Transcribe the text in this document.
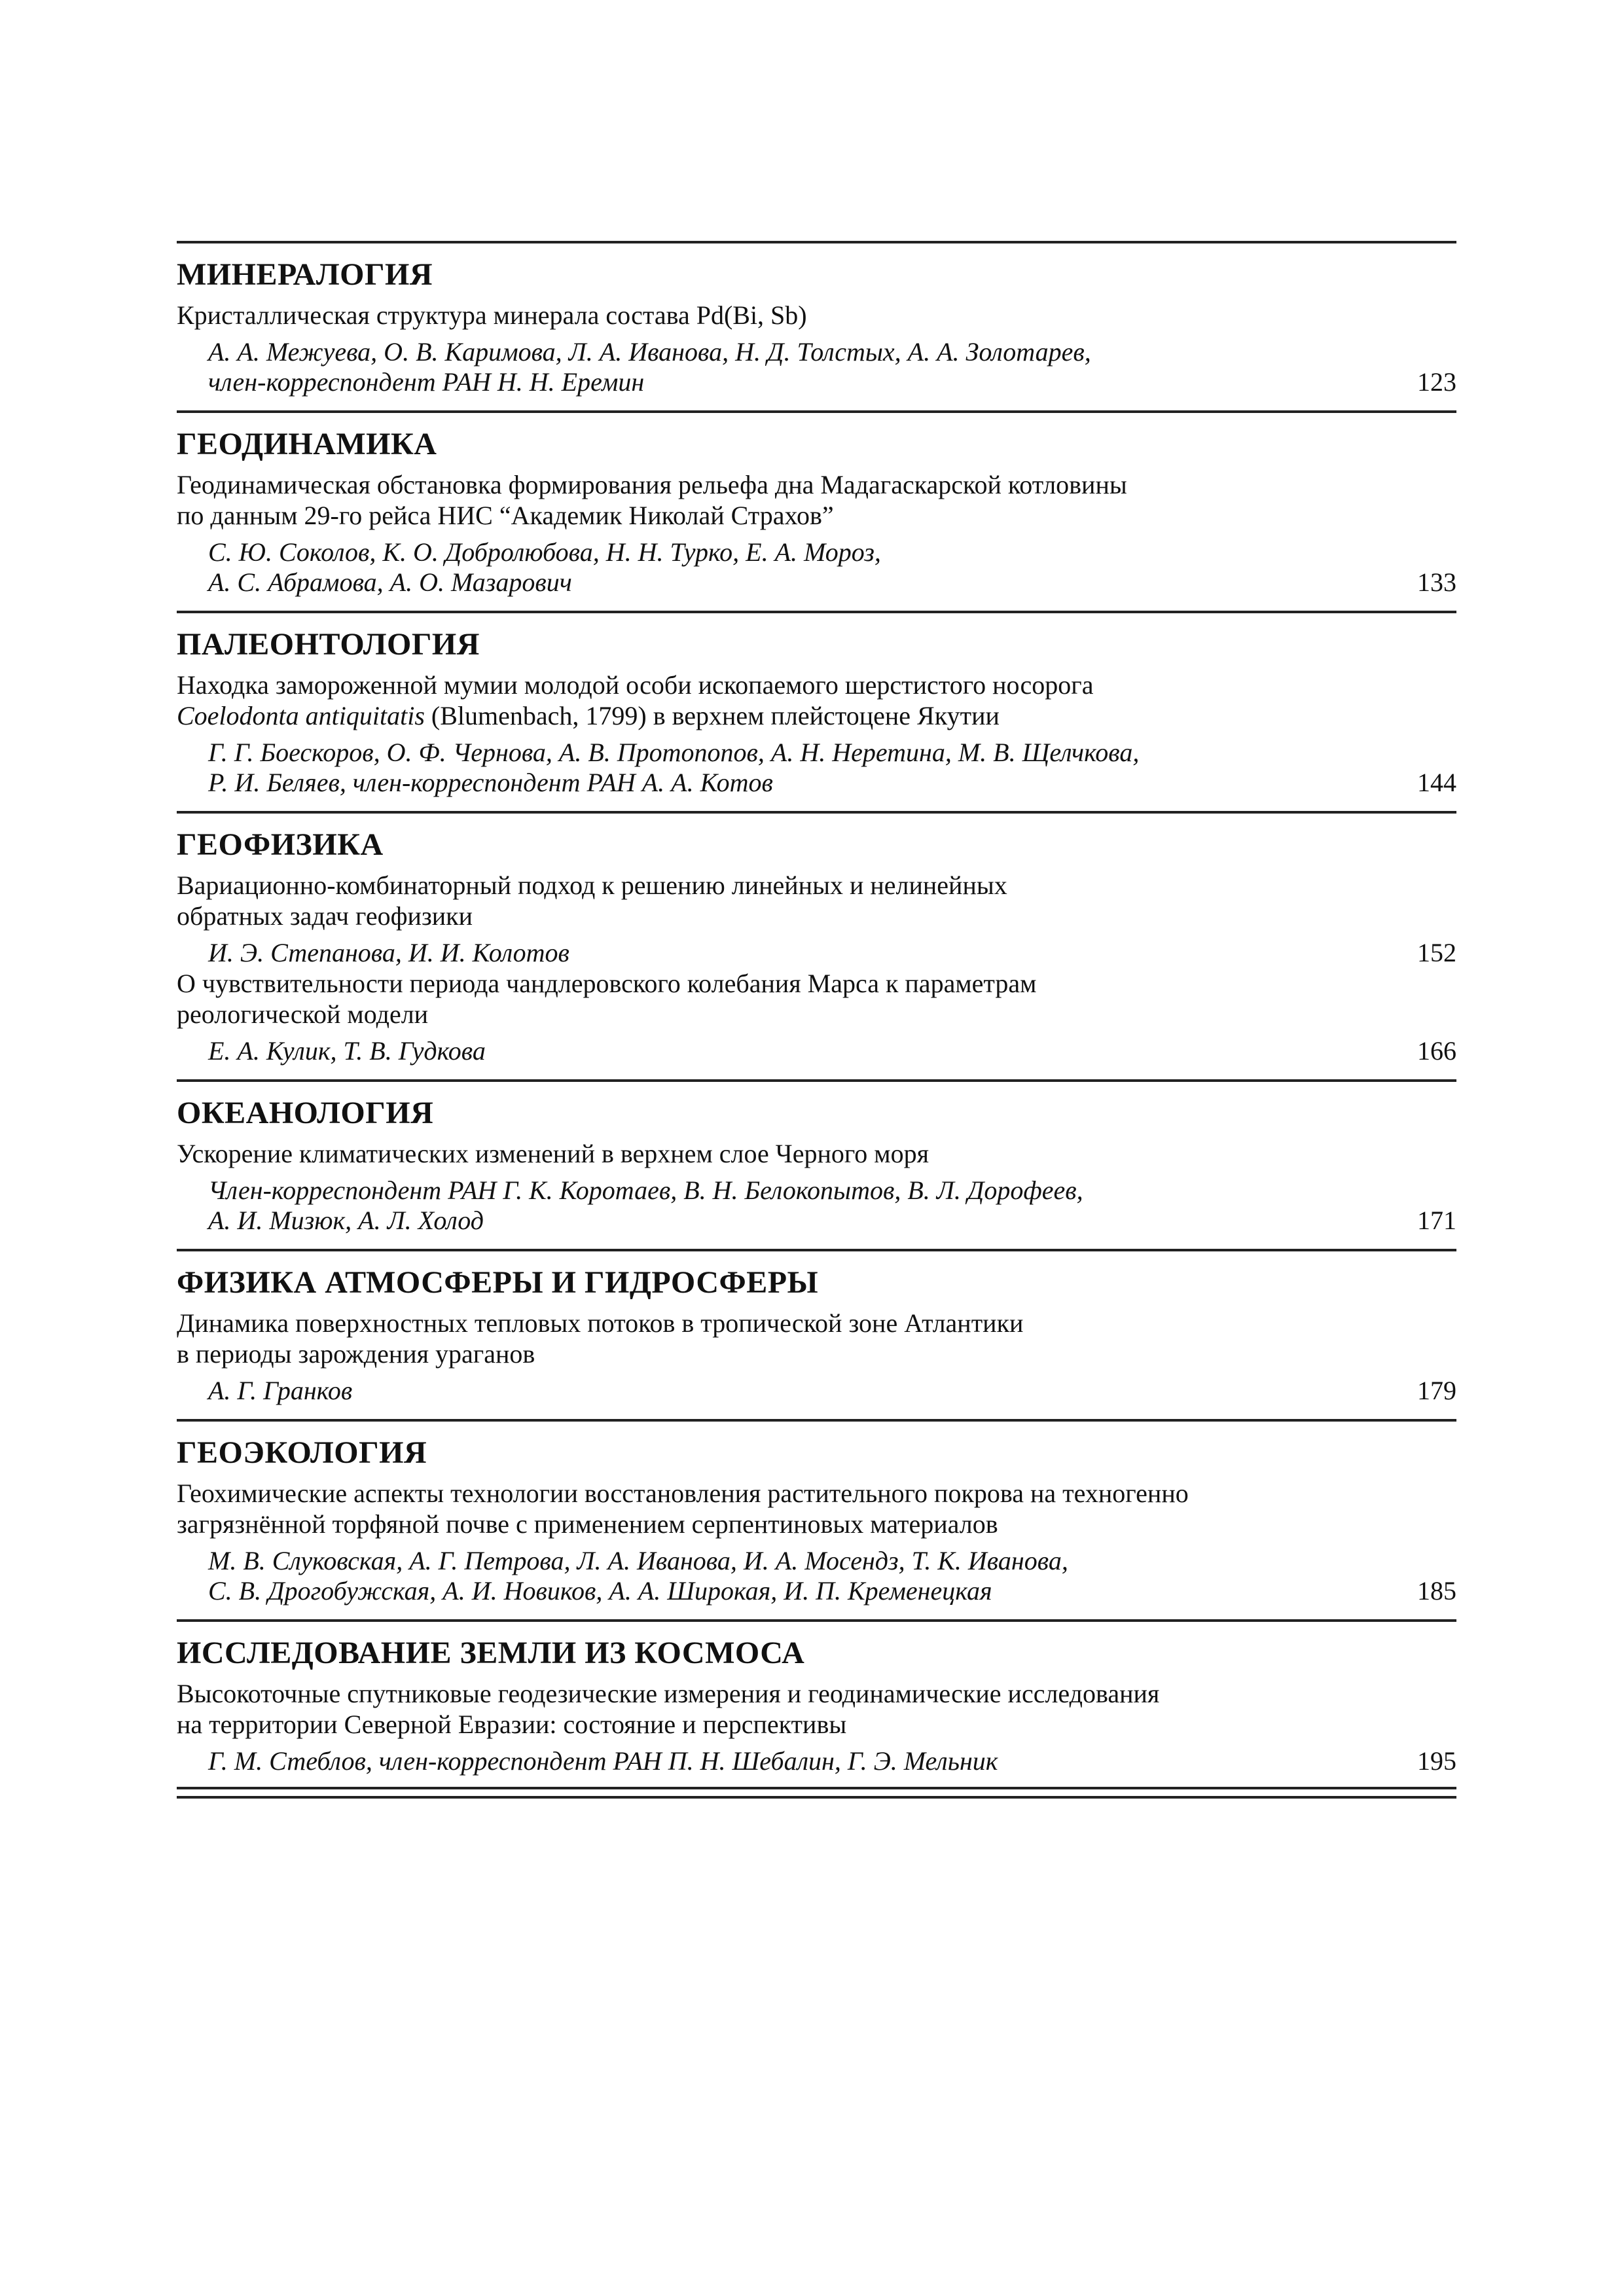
МИНЕРАЛОГИЯ
Кристаллическая структура минерала состава Pd(Bi, Sb)
А. А. Межуева, О. В. Каримова, Л. А. Иванова, Н. Д. Толстых, А. А. Золотарев,
член-корреспондент РАН Н. Н. Еремин	123
ГЕОДИНАМИКА
Геодинамическая обстановка формирования рельефа дна Мадагаскарской котловины
по данным 29-го рейса НИС “Академик Николай Страхов”
С. Ю. Соколов, К. О. Добролюбова, Н. Н. Турко, Е. А. Мороз,
А. С. Абрамова, А. О. Мазарович	133
ПАЛЕОНТОЛОГИЯ
Находка замороженной мумии молодой особи ископаемого шерстистого носорога
Coelodonta antiquitatis (Blumenbach, 1799) в верхнем плейстоцене Якутии
Г. Г. Боескоров, О. Ф. Чернова, А. В. Протопопов, А. Н. Неретина, М. В. Щелчкова,
Р. И. Беляев, член-корреспондент РАН А. А. Котов	144
ГЕОФИЗИКА
Вариационно-комбинаторный подход к решению линейных и нелинейных
обратных задач геофизики
И. Э. Степанова, И. И. Колотов	152
О чувствительности периода чандлеровского колебания Марса к параметрам
реологической модели
Е. А. Кулик, Т. В. Гудкова	166
ОКЕАНОЛОГИЯ
Ускорение климатических изменений в верхнем слое Черного моря
Член-корреспондент РАН Г. К. Коротаев, В. Н. Белокопытов, В. Л. Дорофеев,
А. И. Мизюк, А. Л. Холод	171
ФИЗИКА АТМОСФЕРЫ И ГИДРОСФЕРЫ
Динамика поверхностных тепловых потоков в тропической зоне Атлантики
в периоды зарождения ураганов
А. Г. Гранков	179
ГЕОЭКОЛОГИЯ
Геохимические аспекты технологии восстановления растительного покрова на техногенно
загрязнённой торфяной почве с применением серпентиновых материалов
М. В. Слуковская, А. Г. Петрова, Л. А. Иванова, И. А. Мосендз, Т. К. Иванова,
С. В. Дрогобужская, А. И. Новиков, А. А. Широкая, И. П. Кременецкая	185
ИССЛЕДОВАНИЕ ЗЕМЛИ ИЗ КОСМОСА
Высокоточные спутниковые геодезические измерения и геодинамические исследования
на территории Северной Евразии: состояние и перспективы
Г. М. Стеблов, член-корреспондент РАН П. Н. Шебалин, Г. Э. Мельник	195
